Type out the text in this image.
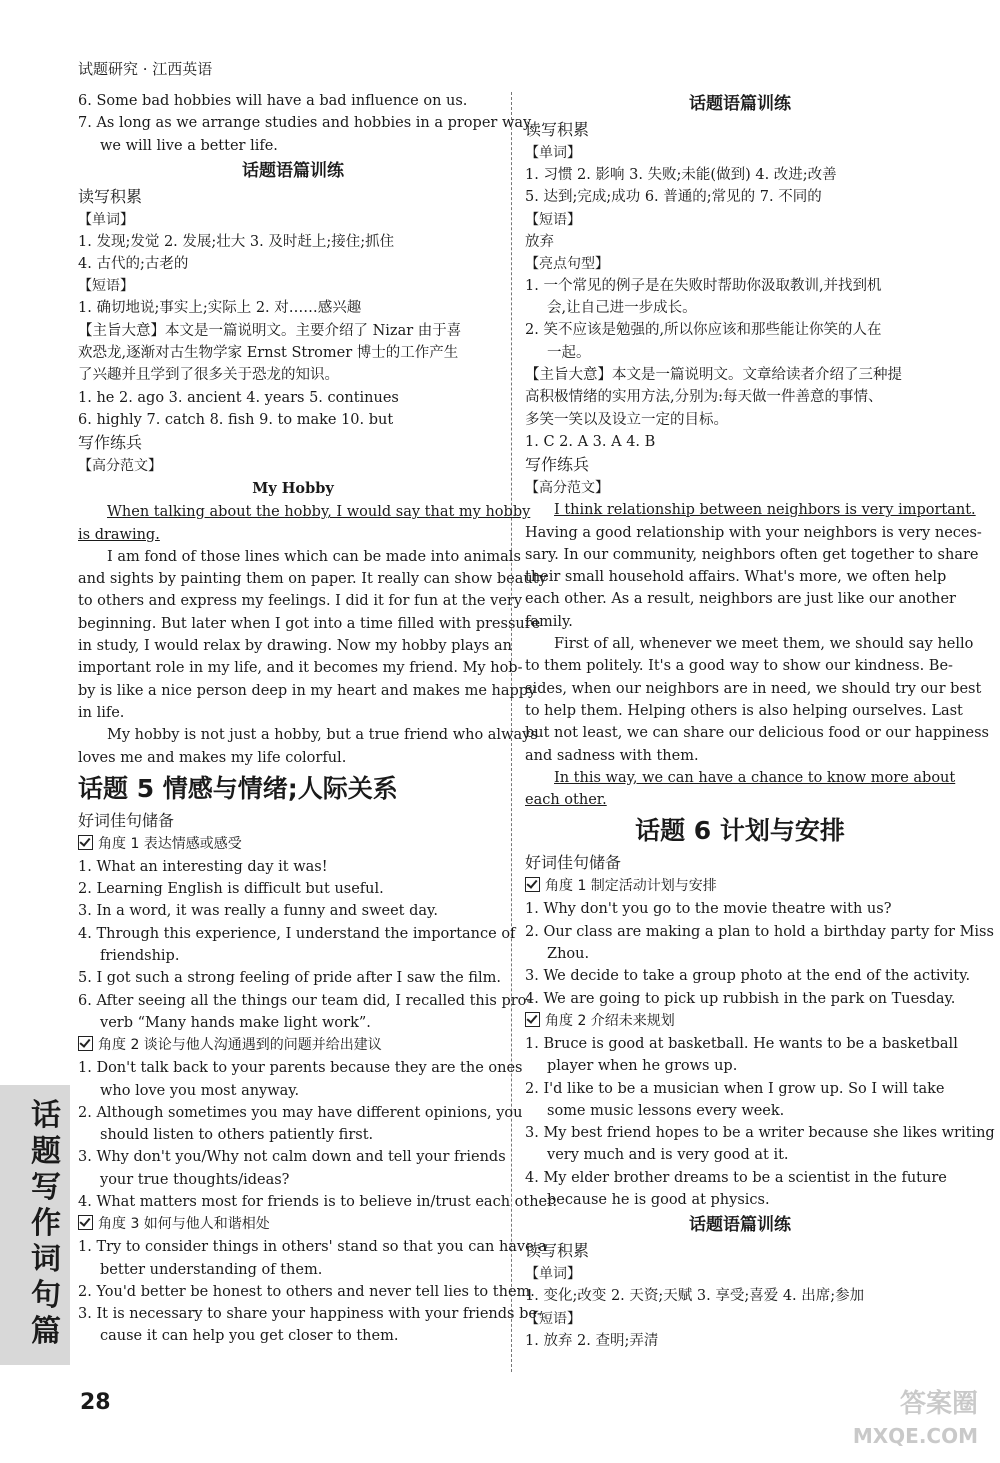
试题研究 · 江西英语
6. Some bad hobbies will have a bad influence on us.
7. As long as we arrange studies and hobbies in a proper way,
we will live a better life.
话题语篇训练
读写积累
【单词】
1. 发现;发觉 2. 发展;壮大 3. 及时赶上;接住;抓住
4. 古代的;古老的
【短语】
1. 确切地说;事实上;实际上 2. 对……感兴趣
【主旨大意】本文是一篇说明文。主要介绍了 Nizar 由于喜
欢恐龙,逐渐对古生物学家 Ernst Stromer 博士的工作产生
了兴趣并且学到了很多关于恐龙的知识。
1. he 2. ago 3. ancient 4. years 5. continues
6. highly 7. catch 8. fish 9. to make 10. but
写作练兵
【高分范文】
My Hobby
When talking about the hobby, I would say that my hobby
is drawing.
I am fond of those lines which can be made into animals
and sights by painting them on paper. It really can show beauty
to others and express my feelings. I did it for fun at the very
beginning. But later when I got into a time filled with pressure
in study, I would relax by drawing. Now my hobby plays an
important role in my life, and it becomes my friend. My hob-
by is like a nice person deep in my heart and makes me happy
in life.
My hobby is not just a hobby, but a true friend who always
loves me and makes my life colorful.
话题 5 情感与情绪;人际关系
好词佳句储备
角度 1 表达情感或感受
1. What an interesting day it was!
2. Learning English is difficult but useful.
3. In a word, it was really a funny and sweet day.
4. Through this experience, I understand the importance of
friendship.
5. I got such a strong feeling of pride after I saw the film.
6. After seeing all the things our team did, I recalled this pro-
verb “Many hands make light work”.
角度 2 谈论与他人沟通遇到的问题并给出建议
1. Don't talk back to your parents because they are the ones
who love you most anyway.
2. Although sometimes you may have different opinions, you
should listen to others patiently first.
3. Why don't you/Why not calm down and tell your friends
your true thoughts/ideas?
4. What matters most for friends is to believe in/trust each other.
角度 3 如何与他人和谐相处
1. Try to consider things in others' stand so that you can have a
better understanding of them.
2. You'd better be honest to others and never tell lies to them.
3. It is necessary to share your happiness with your friends be-
cause it can help you get closer to them.
话题语篇训练
读写积累
【单词】
1. 习惯 2. 影响 3. 失败;未能(做到) 4. 改进;改善
5. 达到;完成;成功 6. 普通的;常见的 7. 不同的
【短语】
放弃
【亮点句型】
1. 一个常见的例子是在失败时帮助你汲取教训,并找到机
会,让自己进一步成长。
2. 笑不应该是勉强的,所以你应该和那些能让你笑的人在
一起。
【主旨大意】本文是一篇说明文。文章给读者介绍了三种提
高积极情绪的实用方法,分别为:每天做一件善意的事情、
多笑一笑以及设立一定的目标。
1. C 2. A 3. A 4. B
写作练兵
【高分范文】
I think relationship between neighbors is very important.
Having a good relationship with your neighbors is very neces-
sary. In our community, neighbors often get together to share
their small household affairs. What's more, we often help
each other. As a result, neighbors are just like our another
family.
First of all, whenever we meet them, we should say hello
to them politely. It's a good way to show our kindness. Be-
sides, when our neighbors are in need, we should try our best
to help them. Helping others is also helping ourselves. Last
but not least, we can share our delicious food or our happiness
and sadness with them.
In this way, we can have a chance to know more about
each other.
话题 6 计划与安排
好词佳句储备
角度 1 制定活动计划与安排
1. Why don't you go to the movie theatre with us?
2. Our class are making a plan to hold a birthday party for Miss
Zhou.
3. We decide to take a group photo at the end of the activity.
4. We are going to pick up rubbish in the park on Tuesday.
角度 2 介绍未来规划
1. Bruce is good at basketball. He wants to be a basketball
player when he grows up.
2. I'd like to be a musician when I grow up. So I will take
some music lessons every week.
3. My best friend hopes to be a writer because she likes writing
very much and is very good at it.
4. My elder brother dreams to be a scientist in the future
because he is good at physics.
话题语篇训练
读写积累
【单词】
1. 变化;改变 2. 天资;天赋 3. 享受;喜爱 4. 出席;参加
【短语】
1. 放弃 2. 查明;弄清
话题写作词句篇
28	答案圈
MXQE.COM
